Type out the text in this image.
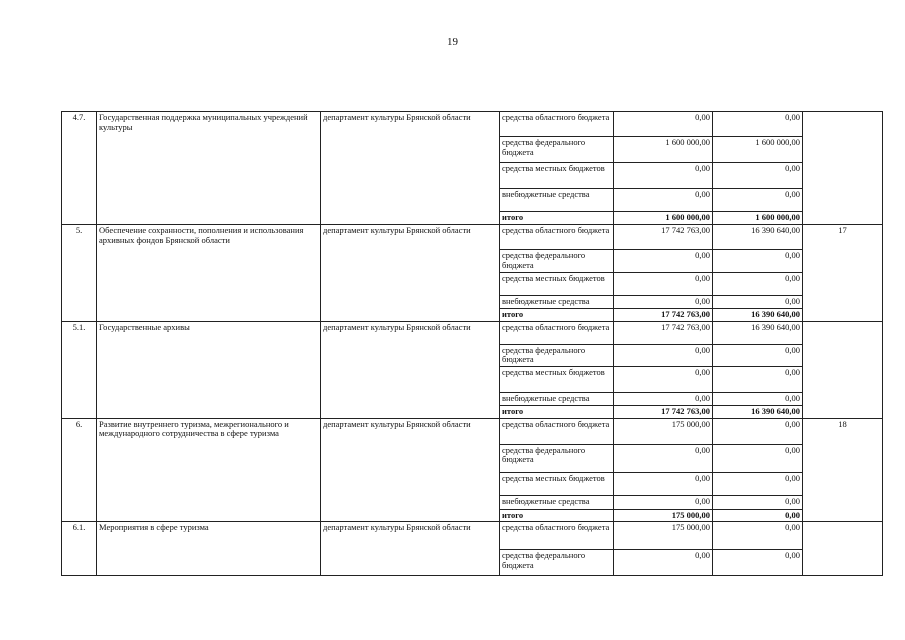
19
4.7.	Государственная поддержка муниципальных учреждений культуры	департамент культуры Брянской области	средства областного бюджета	0,00	0,00	
			средства федерального бюджета	1 600 000,00	1 600 000,00	
			средства местных бюджетов	0,00	0,00	
			внебюджетные средства	0,00	0,00	
			итого	1 600 000,00	1 600 000,00	
5.	Обеспечение сохранности, пополнения и использования архивных фондов Брянской области	департамент культуры Брянской области	средства областного бюджета	17 742 763,00	16 390 640,00	17
			средства федерального бюджета	0,00	0,00	
			средства местных бюджетов	0,00	0,00	
			внебюджетные средства	0,00	0,00	
			итого	17 742 763,00	16 390 640,00	
5.1.	Государственные архивы	департамент культуры Брянской области	средства областного бюджета	17 742 763,00	16 390 640,00	
			средства федерального бюджета	0,00	0,00	
			средства местных бюджетов	0,00	0,00	
			внебюджетные средства	0,00	0,00	
			итого	17 742 763,00	16 390 640,00	
6.	Развитие внутреннего туризма, межрегионального и международного сотрудничества в сфере туризма	департамент культуры Брянской области	средства областного бюджета	175 000,00	0,00	18
			средства федерального бюджета	0,00	0,00	
			средства местных бюджетов	0,00	0,00	
			внебюджетные средства	0,00	0,00	
			итого	175 000,00	0,00	
6.1.	Мероприятия в сфере туризма	департамент культуры Брянской области	средства областного бюджета	175 000,00	0,00	
			средства федерального бюджета	0,00	0,00	
